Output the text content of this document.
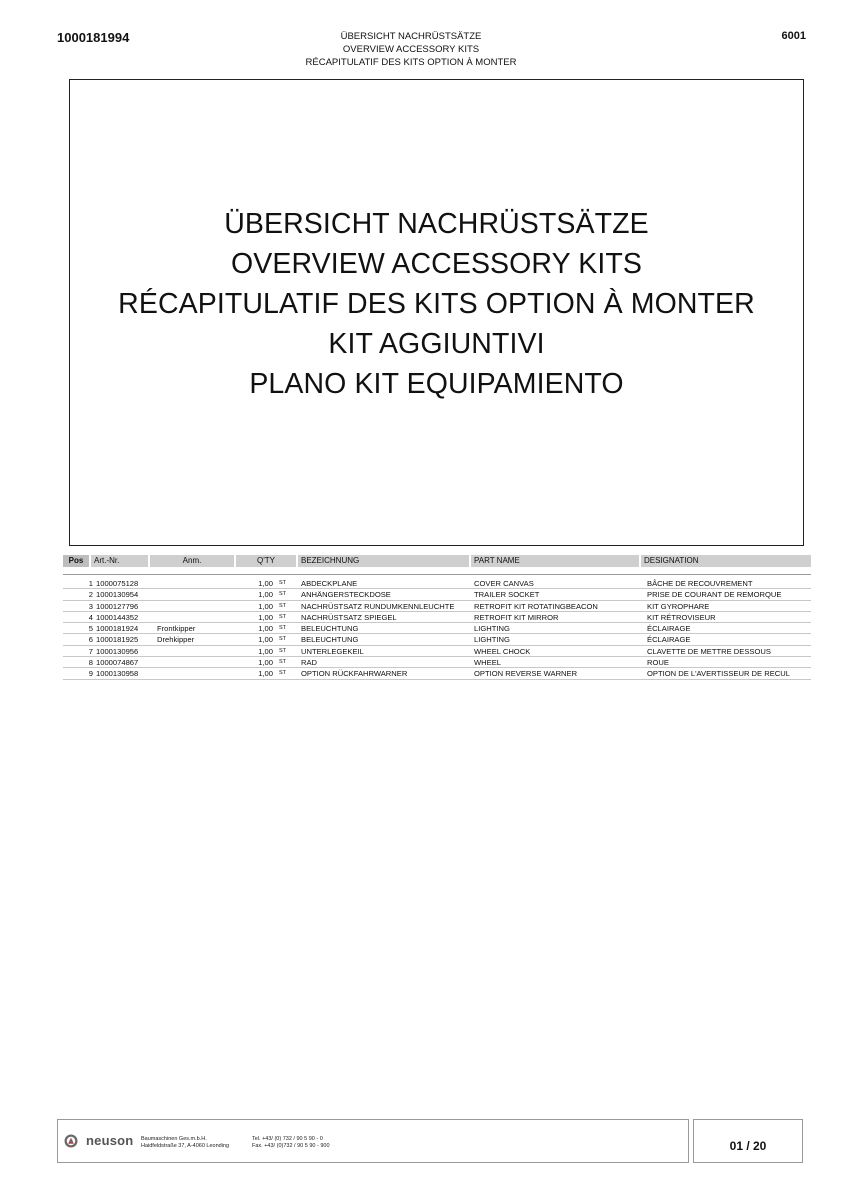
1000181994	ÜBERSICHT NACHRÜSTSÄTZE
OVERVIEW ACCESSORY KITS
RÉCAPITULATIF DES KITS OPTION À MONTER
6001
ÜBERSICHT NACHRÜSTSÄTZE
OVERVIEW ACCESSORY KITS
RÉCAPITULATIF DES KITS OPTION À MONTER
KIT AGGIUNTIVI
PLANO KIT EQUIPAMIENTO
Pos	Art.-Nr.	Anm.	Q'TY	BEZEICHNUNG	PART NAME	DESIGNATION
1 1000075128	1,00 ST ABDECKPLANE	COVER CANVAS	BÂCHE DE RECOUVREMENT
2 1000130954	1,00 ST ANHÄNGERSTECKDOSE	TRAILER SOCKET	PRISE DE COURANT DE REMORQUE
3 1000127796	1,00 ST NACHRÜSTSATZ RUNDUMKENNLEUCHTE	RETROFIT KIT ROTATINGBEACON	KIT GYROPHARE
4 1000144352	1,00 ST NACHRÜSTSATZ SPIEGEL	RETROFIT KIT MIRROR	KIT RÉTROVISEUR
5 1000181924 Frontkipper	1,00 ST BELEUCHTUNG	LIGHTING	ÉCLAIRAGE
6 1000181925 Drehkipper	1,00 ST BELEUCHTUNG	LIGHTING	ÉCLAIRAGE
7 1000130956	1,00 ST UNTERLEGEKEIL	WHEEL CHOCK	CLAVETTE DE METTRE DESSOUS
8 1000074867	1,00 ST RAD	WHEEL	ROUE
9 1000130958	1,00 ST OPTION RÜCKFAHRWARNER	OPTION REVERSE WARNER	OPTION DE L'AVERTISSEUR DE RECUL
neuson Baumaschinen Ges.m.b.H.
Haidfeldstraße 37, A-4060 Leonding
Tel. +43/ (0) 732 / 90 5 90 - 0
Fax. +43/ (0)732 / 90 5 90 - 900	01 / 20
